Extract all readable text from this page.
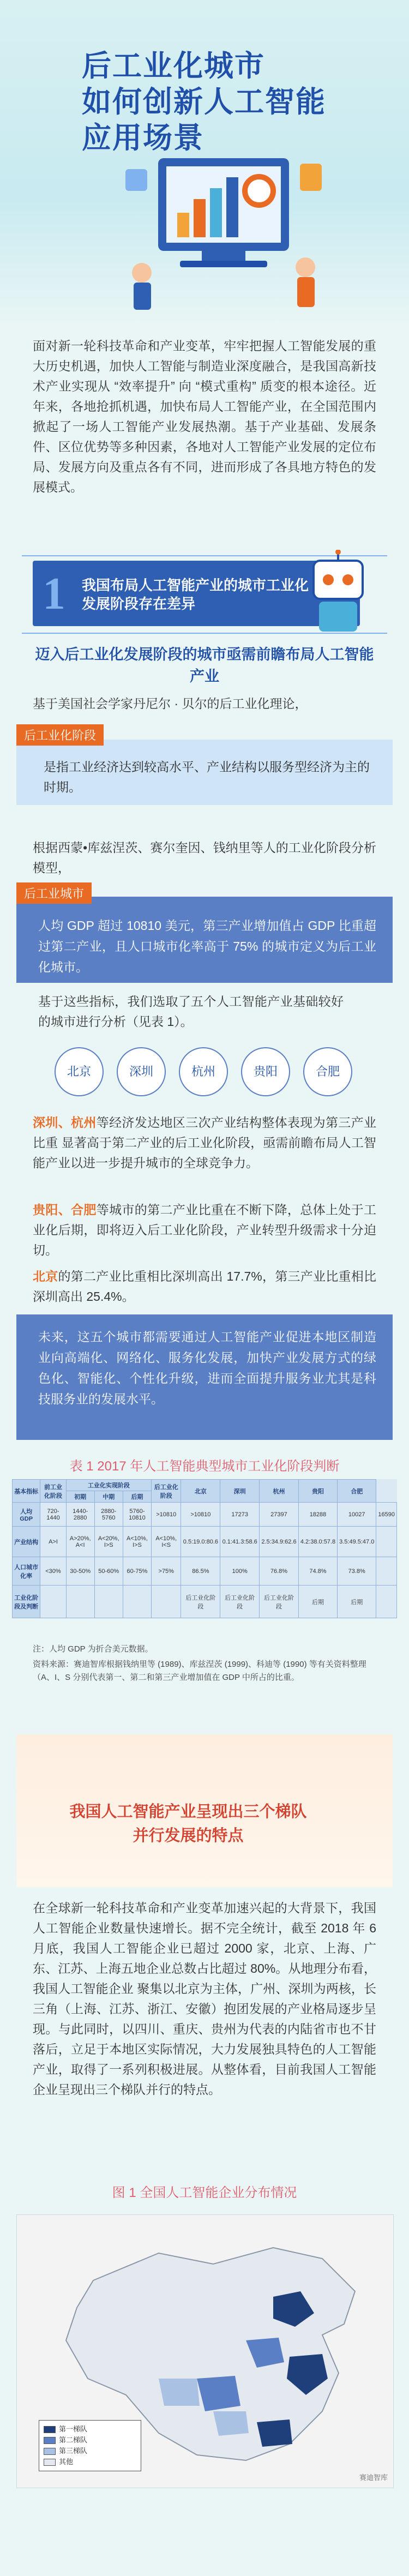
后工业化城市
如何创新人工智能应用场景
面对新一轮科技革命和产业变革，牢牢把握人工智能发展的重大历史机遇，加快人工智能与制造业深度融合，是我国高新技术产业实现从 “效率提升” 向 “模式重构” 质变的根本途径。近年来，各地抢抓机遇，加快布局人工智能产业，在全国范围内掀起了一场人工智能产业发展热潮。基于产业基础、发展条件、区位优势等多种因素，各地对人工智能产业发展的定位布局、发展方向及重点各有不同，进而形成了各具地方特色的发展模式。
1 我国布局人工智能产业的城市工业化发展阶段存在差异
迈入后工业化发展阶段的城市亟需前瞻布局人工智能产业
基于美国社会学家丹尼尔 · 贝尔的后工业化理论，
是指工业经济达到较高水平、产业结构以服务型经济为主的时期。
后工业化阶段
根据西蒙•库兹涅茨、赛尔奎因、钱纳里等人的工业化阶段分析模型，
人均 GDP 超过 10810 美元，第三产业增加值占 GDP 比重超过第二产业，且人口城市化率高于 75% 的城市定义为后工业化城市。
后工业城市
基于这些指标，我们选取了五个人工智能产业基础较好的城市进行分析（见表 1）。
北京	深圳	杭州	贵阳	合肥
深圳、杭州等经济发达地区三次产业结构整体表现为第三产业比重 显著高于第二产业的后工业化阶段，亟需前瞻布局人工智能产业以进一步提升城市的全球竞争力。
贵阳、合肥等城市的第二产业比重在不断下降，总体上处于工业化后期，即将迈入后工业化阶段，产业转型升级需求十分迫切。
北京的第二产业比重相比深圳高出 17.7%，第三产业比重相比深圳高出 25.4%。
未来，这五个城市都需要通过人工智能产业促进本地区制造业向高端化、网络化、服务化发展，加快产业发展方式的绿色化、智能化、个性化升级，进而全面提升服务业尤其是科技服务业的发展水平。
表 1 2017 年人工智能典型城市工业化阶段判断
基本指标	前工业化阶段	工业化实现阶段			后工业化阶段	北京	深圳	杭州	贵阳	合肥	
		初期	中期	后期							
人均 GDP	720-1440	1440-2880	2880-5760	5760-10810	>10810	>10810	17273	27397	18288	10027	16590
产业结构	A>I	A>20%, A<I	A<20%, I>S	A<10%, I>S	A<10%, I<S	0.5:19.0:80.6	0.1:41.3:58.6	2.5:34.9:62.6	4.2:38.0:57.8	3.5:49.5:47.0	
人口城市化率	<30%	30-50%	50-60%	60-75%	>75%	86.5%	100%	76.8%	74.8%	73.8%	
工业化阶段及判断						后工业化阶段	后工业化阶段	后工业化阶段	后期	后期	
注：人均 GDP 为折合美元数据。
资料来源：赛迪智库根据钱纳里等 (1989)、库兹涅茨 (1999)、科迪等 (1990) 等有关资料整理（A、I、S 分别代表第一、第二和第三产业增加值在 GDP 中所占的比重。
我国人工智能产业呈现出三个梯队并行发展的特点
在全球新一轮科技革命和产业变革加速兴起的大背景下，我国人工智能企业数量快速增长。据不完全统计，截至 2018 年 6 月底，我国人工智能企业已超过 2000 家，北京、上海、广东、江苏、上海五地企业总数占比超过 80%。从地理分布看，我国人工智能企业 聚集以北京为主体，广州、深圳为两核，长三角（上海、江苏、浙江、安徽）抱团发展的产业格局逐步呈现。与此同时，以四川、重庆、贵州为代表的内陆省市也不甘落后，立足于本地区实际情况，大力发展独具特色的人工智能产业，取得了一系列积极进展。从整体看，目前我国人工智能企业呈现出三个梯队并行的特点。
图 1 全国人工智能企业分布情况
第一梯队
第二梯队
第三梯队
其他
赛迪智库
